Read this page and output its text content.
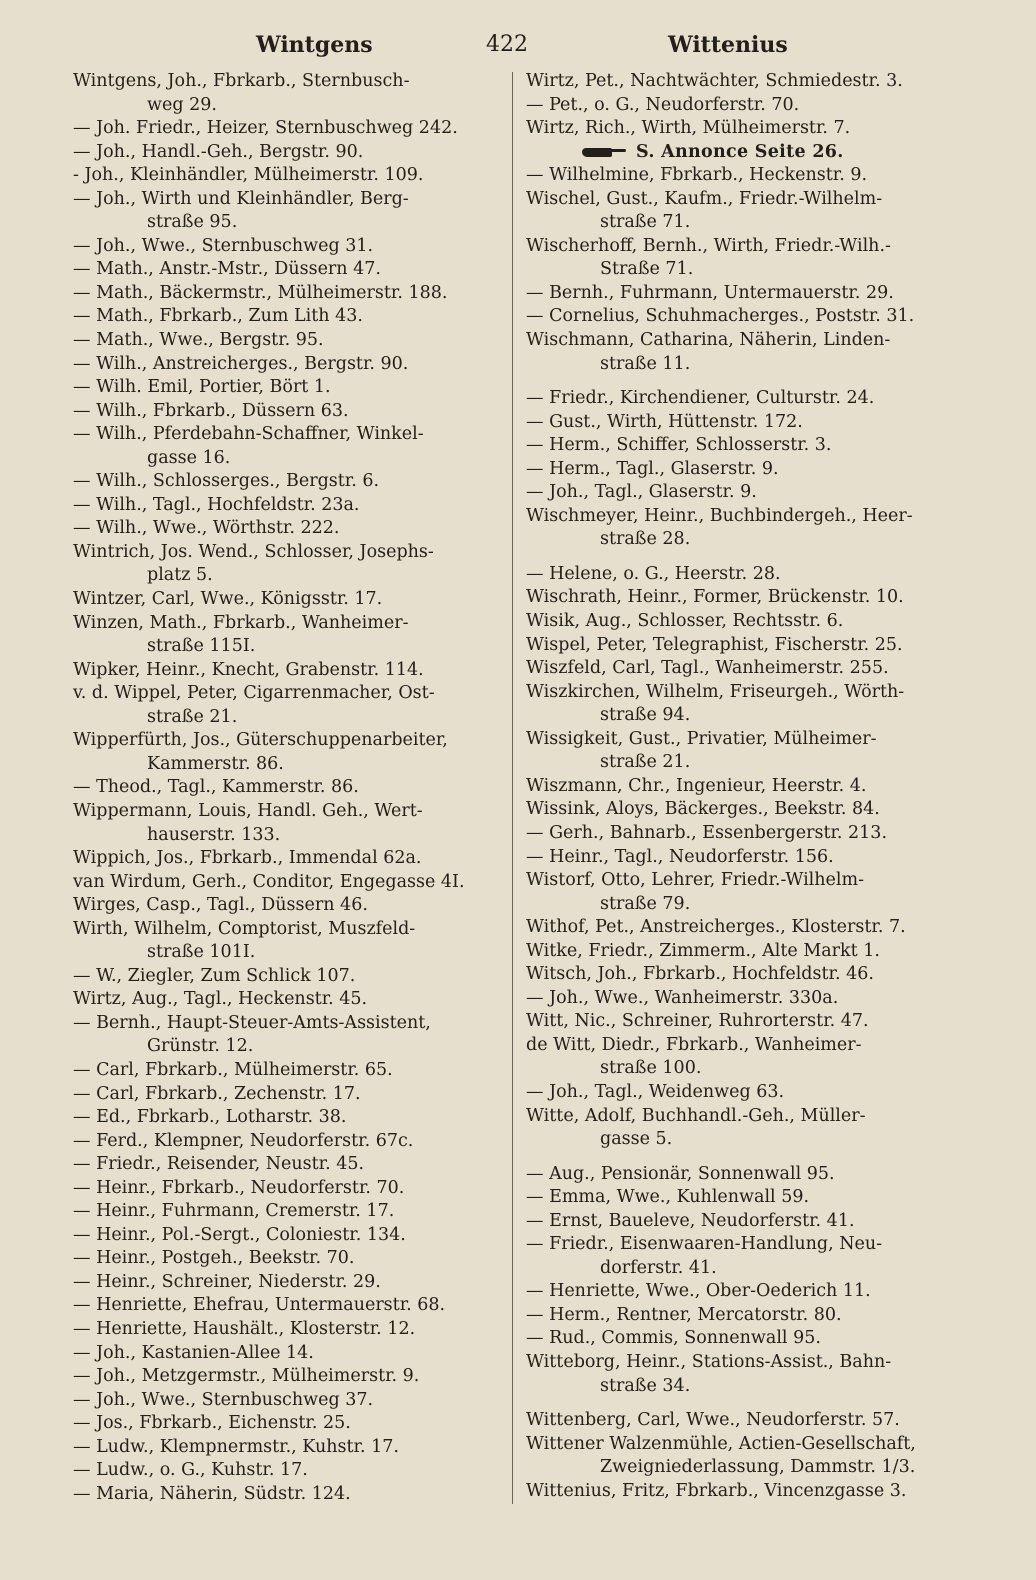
Wintgens	422	Wittenius
Wintgens, Joh., Fbrkarb., Sternbusch-
weg 29.
— Joh. Friedr., Heizer, Sternbuschweg 242.
— Joh., Handl.-Geh., Bergstr. 90.
- Joh., Kleinhändler, Mülheimerstr. 109.
— Joh., Wirth und Kleinhändler, Berg-
straße 95.
— Joh., Wwe., Sternbuschweg 31.
— Math., Anstr.-Mstr., Düssern 47.
— Math., Bäckermstr., Mülheimerstr. 188.
— Math., Fbrkarb., Zum Lith 43.
— Math., Wwe., Bergstr. 95.
— Wilh., Anstreicherges., Bergstr. 90.
— Wilh. Emil, Portier, Bört 1.
— Wilh., Fbrkarb., Düssern 63.
— Wilh., Pferdebahn-Schaffner, Winkel-
gasse 16.
— Wilh., Schlosserges., Bergstr. 6.
— Wilh., Tagl., Hochfeldstr. 23a.
— Wilh., Wwe., Wörthstr. 222.
Wintrich, Jos. Wend., Schlosser, Josephs-
platz 5.
Wintzer, Carl, Wwe., Königsstr. 17.
Winzen, Math., Fbrkarb., Wanheimer-
straße 115I.
Wipker, Heinr., Knecht, Grabenstr. 114.
v. d. Wippel, Peter, Cigarrenmacher, Ost-
straße 21.
Wipperfürth, Jos., Güterschuppenarbeiter,
Kammerstr. 86.
— Theod., Tagl., Kammerstr. 86.
Wippermann, Louis, Handl. Geh., Wert-
hauserstr. 133.
Wippich, Jos., Fbrkarb., Immendal 62a.
van Wirdum, Gerh., Conditor, Engegasse 4I.
Wirges, Casp., Tagl., Düssern 46.
Wirth, Wilhelm, Comptorist, Muszfeld-
straße 101I.
— W., Ziegler, Zum Schlick 107.
Wirtz, Aug., Tagl., Heckenstr. 45.
— Bernh., Haupt-Steuer-Amts-Assistent,
Grünstr. 12.
— Carl, Fbrkarb., Mülheimerstr. 65.
— Carl, Fbrkarb., Zechenstr. 17.
— Ed., Fbrkarb., Lotharstr. 38.
— Ferd., Klempner, Neudorferstr. 67c.
— Friedr., Reisender, Neustr. 45.
— Heinr., Fbrkarb., Neudorferstr. 70.
— Heinr., Fuhrmann, Cremerstr. 17.
— Heinr., Pol.-Sergt., Coloniestr. 134.
— Heinr., Postgeh., Beekstr. 70.
— Heinr., Schreiner, Niederstr. 29.
— Henriette, Ehefrau, Untermauerstr. 68.
— Henriette, Haushält., Klosterstr. 12.
— Joh., Kastanien-Allee 14.
— Joh., Metzgermstr., Mülheimerstr. 9.
— Joh., Wwe., Sternbuschweg 37.
— Jos., Fbrkarb., Eichenstr. 25.
— Ludw., Klempnermstr., Kuhstr. 17.
— Ludw., o. G., Kuhstr. 17.
— Maria, Näherin, Südstr. 124.
Wirtz, Pet., Nachtwächter, Schmiedestr. 3.
— Pet., o. G., Neudorferstr. 70.
Wirtz, Rich., Wirth, Mülheimerstr. 7.
S. Annonce Seite 26.
— Wilhelmine, Fbrkarb., Heckenstr. 9.
Wischel, Gust., Kaufm., Friedr.-Wilhelm-
straße 71.
Wischerhoff, Bernh., Wirth, Friedr.-Wilh.-
Straße 71.
— Bernh., Fuhrmann, Untermauerstr. 29.
— Cornelius, Schuhmacherges., Poststr. 31.
Wischmann, Catharina, Näherin, Linden-
straße 11.
— Friedr., Kirchendiener, Culturstr. 24.
— Gust., Wirth, Hüttenstr. 172.
— Herm., Schiffer, Schlosserstr. 3.
— Herm., Tagl., Glaserstr. 9.
— Joh., Tagl., Glaserstr. 9.
Wischmeyer, Heinr., Buchbindergeh., Heer-
straße 28.
— Helene, o. G., Heerstr. 28.
Wischrath, Heinr., Former, Brückenstr. 10.
Wisik, Aug., Schlosser, Rechtsstr. 6.
Wispel, Peter, Telegraphist, Fischerstr. 25.
Wiszfeld, Carl, Tagl., Wanheimerstr. 255.
Wiszkirchen, Wilhelm, Friseurgeh., Wörth-
straße 94.
Wissigkeit, Gust., Privatier, Mülheimer-
straße 21.
Wiszmann, Chr., Ingenieur, Heerstr. 4.
Wissink, Aloys, Bäckerges., Beekstr. 84.
— Gerh., Bahnarb., Essenbergerstr. 213.
— Heinr., Tagl., Neudorferstr. 156.
Wistorf, Otto, Lehrer, Friedr.-Wilhelm-
straße 79.
Withof, Pet., Anstreicherges., Klosterstr. 7.
Witke, Friedr., Zimmerm., Alte Markt 1.
Witsch, Joh., Fbrkarb., Hochfeldstr. 46.
— Joh., Wwe., Wanheimerstr. 330a.
Witt, Nic., Schreiner, Ruhrorterstr. 47.
de Witt, Diedr., Fbrkarb., Wanheimer-
straße 100.
— Joh., Tagl., Weidenweg 63.
Witte, Adolf, Buchhandl.-Geh., Müller-
gasse 5.
— Aug., Pensionär, Sonnenwall 95.
— Emma, Wwe., Kuhlenwall 59.
— Ernst, Baueleve, Neudorferstr. 41.
— Friedr., Eisenwaaren-Handlung, Neu-
dorferstr. 41.
— Henriette, Wwe., Ober-Oederich 11.
— Herm., Rentner, Mercatorstr. 80.
— Rud., Commis, Sonnenwall 95.
Witteborg, Heinr., Stations-Assist., Bahn-
straße 34.
Wittenberg, Carl, Wwe., Neudorferstr. 57.
Wittener Walzenmühle, Actien-Gesellschaft,
Zweigniederlassung, Dammstr. 1/3.
Wittenius, Fritz, Fbrkarb., Vincenzgasse 3.
